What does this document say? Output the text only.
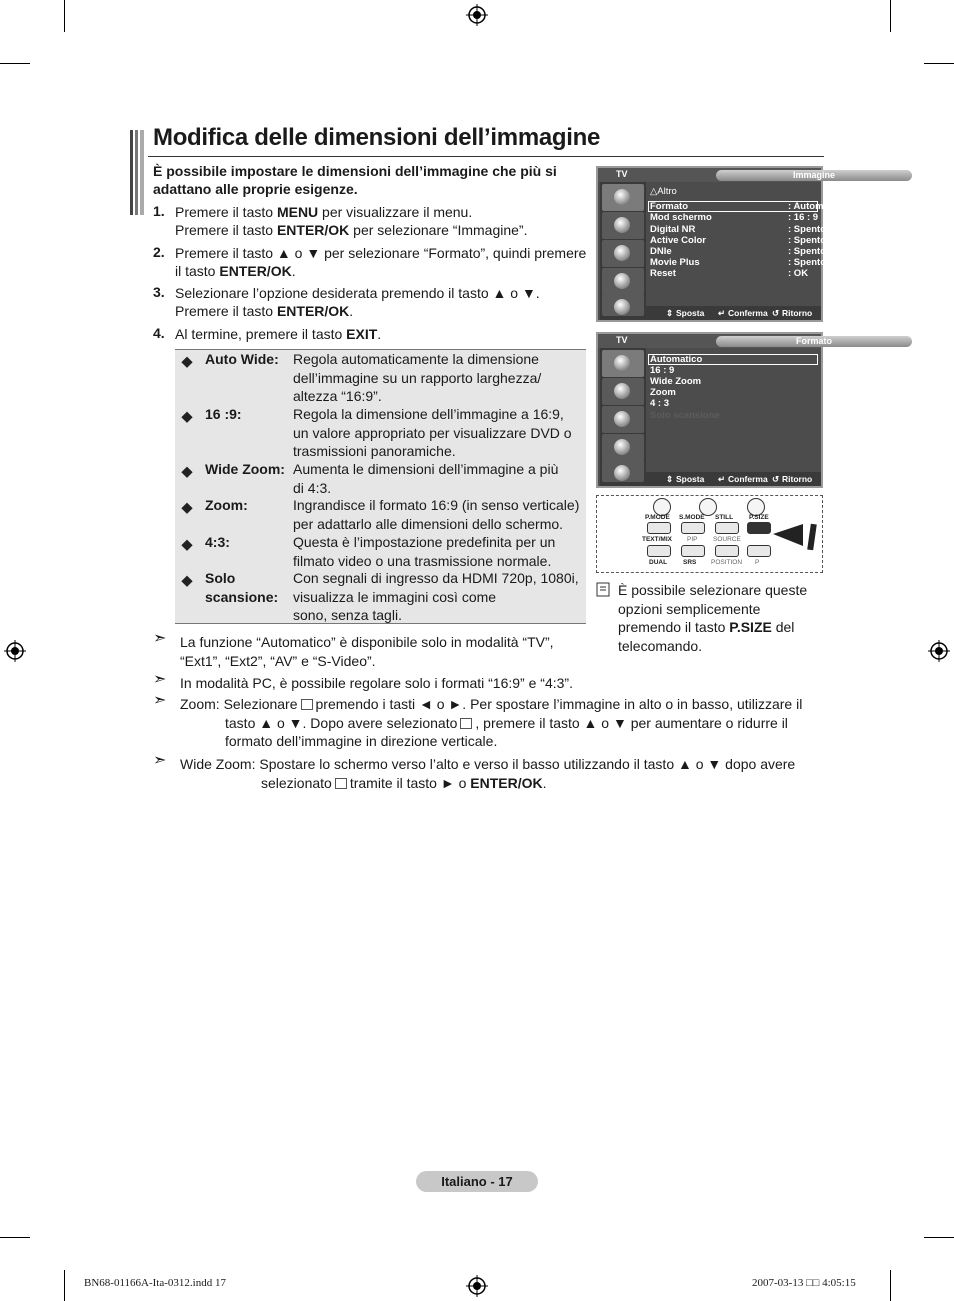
Modifica delle dimensioni dell’immagine
È possibile impostare le dimensioni dell’immagine che più si
adattano alle proprie esigenze.
1. Premere il tasto MENU per visualizzare il menu.
Premere il tasto ENTER/OK per selezionare “Immagine”.
2. Premere il tasto ▲ o ▼ per selezionare “Formato”, quindi premere
il tasto ENTER/OK.
3. Selezionare l’opzione desiderata premendo il tasto ▲ o ▼.
Premere il tasto ENTER/OK.
4. Al termine, premere il tasto EXIT.
Auto Wide: Regola automaticamente la dimensione
dell’immagine su un rapporto larghezza/
altezza “16:9”.
16 :9:	Regola la dimensione dell’immagine a 16:9,
un valore appropriato per visualizzare DVD o
trasmissioni panoramiche.
Wide Zoom: Aumenta le dimensioni dell’immagine a più
di 4:3.
Zoom:	Ingrandisce il formato 16:9 (in senso verticale)
per adattarlo alle dimensioni dello schermo.
4:3:	Questa è l’impostazione predefinita per un
filmato video o una trasmissione normale.
Solo
scansione:
Con segnali di ingresso da HDMI 720p, 1080i,
visualizza le immagini così come
sono, senza tagli.
TV	Immagine
△Altro
Formato	: Automatico ▷
Mod schermo	: 16 : 9	▷
Digital NR	: Spento	▷
Active Color	: Spento	▷
DNIe	: Spento	▷
Movie Plus	: Spento	▷
Reset	: OK	▷
⇕ Sposta ↵ Conferma ↺ Ritorno
TV	Formato
Automatico
16 : 9
Wide Zoom
Zoom
4 : 3
Solo scansione
⇕ Sposta ↵ Conferma ↺ Ritorno
P.MODE S.MODE STILL P.SIZE
TEXT/MIX PIP SOURCE
DUAL SRS POSITION P
È possibile selezionare queste
opzioni semplicemente
premendo il tasto P.SIZE del
telecomando.
➣ La funzione “Automatico” è disponibile solo in modalità “TV”,
“Ext1”, “Ext2”, “AV” e “S-Video”.
➣ In modalità PC, è possibile regolare solo i formati “16:9” e “4:3”.
➣ Zoom: Selezionare premendo i tasti ◄ o ►. Per spostare l’immagine in alto o in basso, utilizzare il
tasto ▲ o ▼. Dopo avere selezionato , premere il tasto ▲ o ▼ per aumentare o ridurre il
formato dell’immagine in direzione verticale.
➣ Wide Zoom: Spostare lo schermo verso l’alto e verso il basso utilizzando il tasto ▲ o ▼ dopo avere
selezionato tramite il tasto ► o ENTER/OK.
Italiano - 17
BN68-01166A-Ita-0312.indd 17	2007-03-13 □□ 4:05:15
